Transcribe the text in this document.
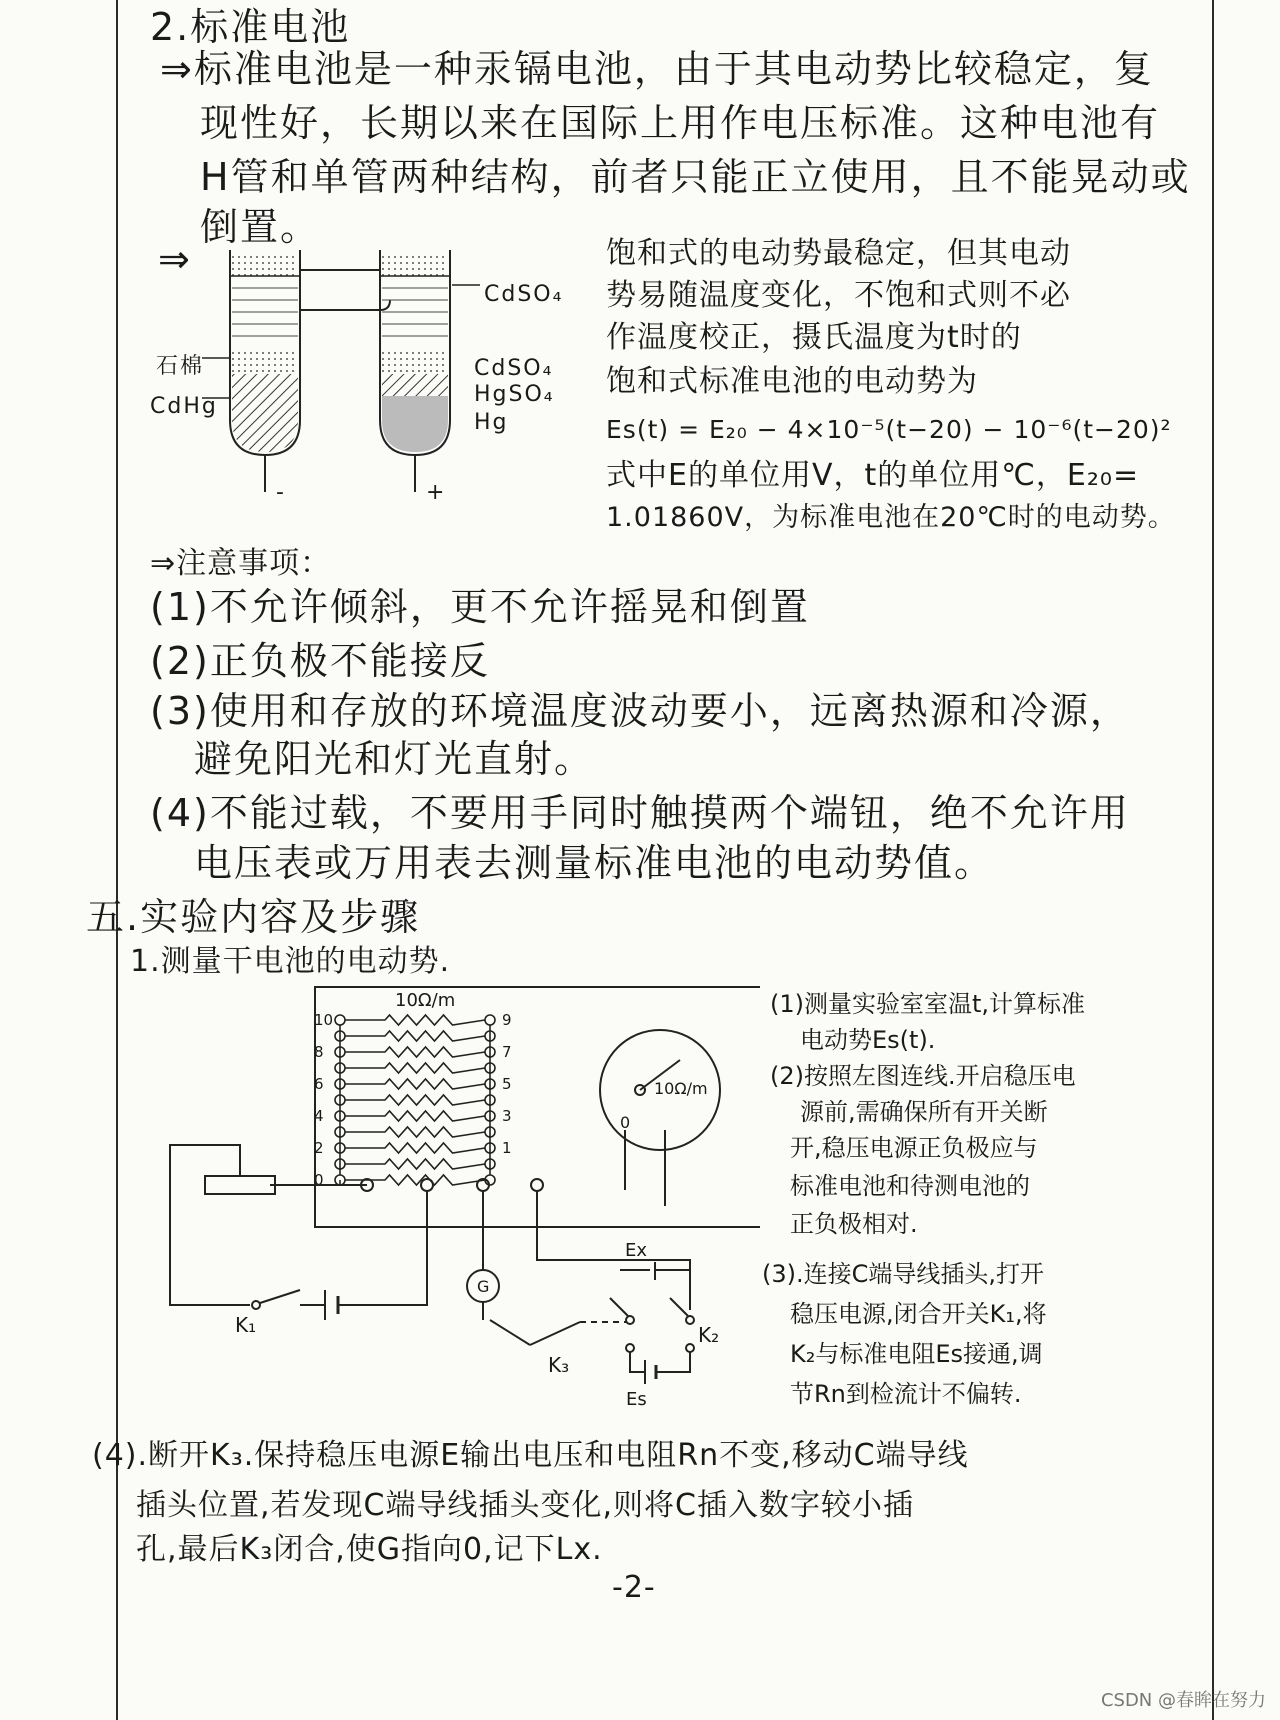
2.标准电池
⇒标准电池是一种汞镉电池，由于其电动势比较稳定，复
现性好，长期以来在国际上用作电压标准。这种电池有
H管和单管两种结构，前者只能正立使用，且不能晃动或
倒置。
⇒
CdSO₄
石棉
CdHg
CdSO₄
HgSO₄
Hg
-	+
饱和式的电动势最稳定，但其电动
势易随温度变化，不饱和式则不必
作温度校正，摄氏温度为t时的
饱和式标准电池的电动势为
Es(t) = E₂₀ − 4×10⁻⁵(t−20) − 10⁻⁶(t−20)²
式中E的单位用V，t的单位用℃，E₂₀=
1.01860V，为标准电池在20℃时的电动势。
⇒注意事项：
(1)不允许倾斜，更不允许摇晃和倒置
(2)正负极不能接反
(3)使用和存放的环境温度波动要小，远离热源和冷源，
避免阳光和灯光直射。
(4)不能过载，不要用手同时触摸两个端钮，绝不允许用
电压表或万用表去测量标准电池的电动势值。
五.实验内容及步骤
1.测量干电池的电动势.
10
8
6
4
2
0
9
7
5
3
1
10Ω/m
10Ω/m
0
G
K₁	K₂
K₃
Ex
Es
(1)测量实验室室温t,计算标准
电动势Es(t).
(2)按照左图连线.开启稳压电
源前,需确保所有开关断
开,稳压电源正负极应与
标准电池和待测电池的
正负极相对.
(3).连接C端导线插头,打开
稳压电源,闭合开关K₁,将
K₂与标准电阻Es接通,调
节Rn到检流计不偏转.
(4).断开K₃.保持稳压电源E输出电压和电阻Rn不变,移动C端导线
插头位置,若发现C端导线插头变化,则将C插入数字较小插
孔,最后K₃闭合,使G指向0,记下Lx.
-2-
CSDN @春眸在努力
